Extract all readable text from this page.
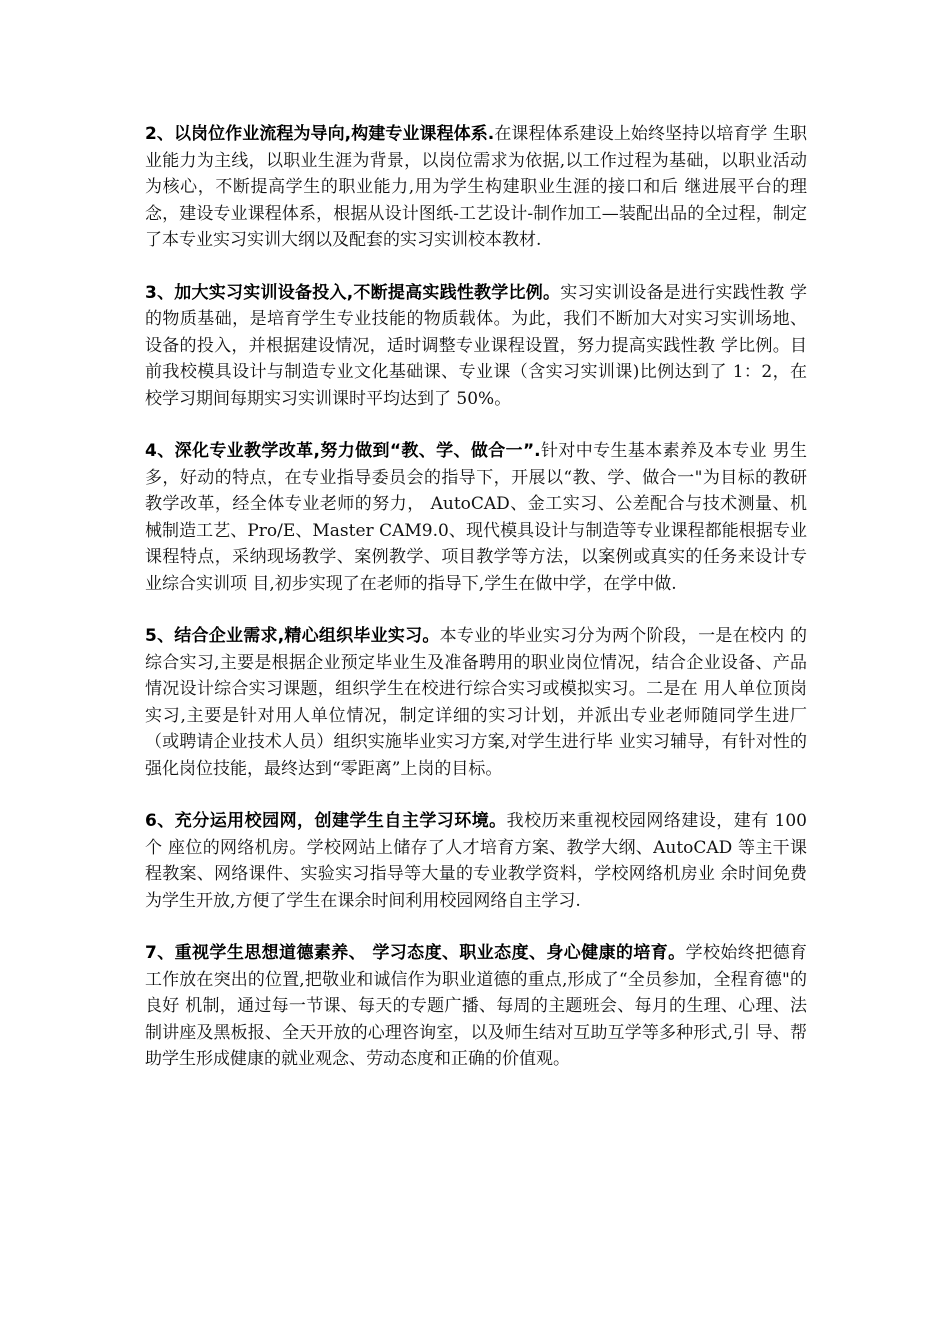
2、以岗位作业流程为导向,构建专业课程体系.在课程体系建设上始终坚持以培育学 生职业能力为主线，以职业生涯为背景，以岗位需求为依据,以工作过程为基础，以职业活动为核心，不断提高学生的职业能力,用为学生构建职业生涯的接口和后 继进展平台的理念，建设专业课程体系，根据从设计图纸-工艺设计-制作加工—装配出品的全过程，制定了本专业实习实训大纲以及配套的实习实训校本教材.

3、加大实习实训设备投入,不断提高实践性教学比例。实习实训设备是进行实践性教 学的物质基础，是培育学生专业技能的物质载体。为此，我们不断加大对实习实训场地、设备的投入，并根据建设情况，适时调整专业课程设置，努力提高实践性教 学比例。目前我校模具设计与制造专业文化基础课、专业课（含实习实训课)比例达到了 1：2，在校学习期间每期实习实训课时平均达到了 50%。

4、深化专业教学改革,努力做到“教、学、做合一”.针对中专生基本素养及本专业 男生多，好动的特点，在专业指导委员会的指导下，开展以“教、学、做合一"为目标的教研教学改革，经全体专业老师的努力， AutoCAD、金工实习、公差配合与技术测量、机械制造工艺、Pro/E、Master CAM9.0、现代模具设计与制造等专业课程都能根据专业课程特点，采纳现场教学、案例教学、项目教学等方法，以案例或真实的任务来设计专业综合实训项 目,初步实现了在老师的指导下,学生在做中学，在学中做.

5、结合企业需求,精心组织毕业实习。本专业的毕业实习分为两个阶段，一是在校内 的综合实习,主要是根据企业预定毕业生及准备聘用的职业岗位情况，结合企业设备、产品情况设计综合实习课题，组织学生在校进行综合实习或模拟实习。二是在 用人单位顶岗实习,主要是针对用人单位情况，制定详细的实习计划，并派出专业老师随同学生进厂（或聘请企业技术人员）组织实施毕业实习方案,对学生进行毕 业实习辅导，有针对性的强化岗位技能，最终达到“零距离”上岗的目标。

6、充分运用校园网，创建学生自主学习环境。我校历来重视校园网络建设，建有 100 个 座位的网络机房。学校网站上储存了人才培育方案、教学大纲、AutoCAD 等主干课程教案、网络课件、实验实习指导等大量的专业教学资料，学校网络机房业 余时间免费为学生开放,方便了学生在课余时间利用校园网络自主学习.

7、重视学生思想道德素养、 学习态度、职业态度、身心健康的培育。学校始终把德育工作放在突出的位置,把敬业和诚信作为职业道德的重点,形成了“全员参加，全程育德"的良好 机制，通过每一节课、每天的专题广播、每周的主题班会、每月的生理、心理、法制讲座及黑板报、全天开放的心理咨询室，以及师生结对互助互学等多种形式,引 导、帮助学生形成健康的就业观念、劳动态度和正确的价值观。
